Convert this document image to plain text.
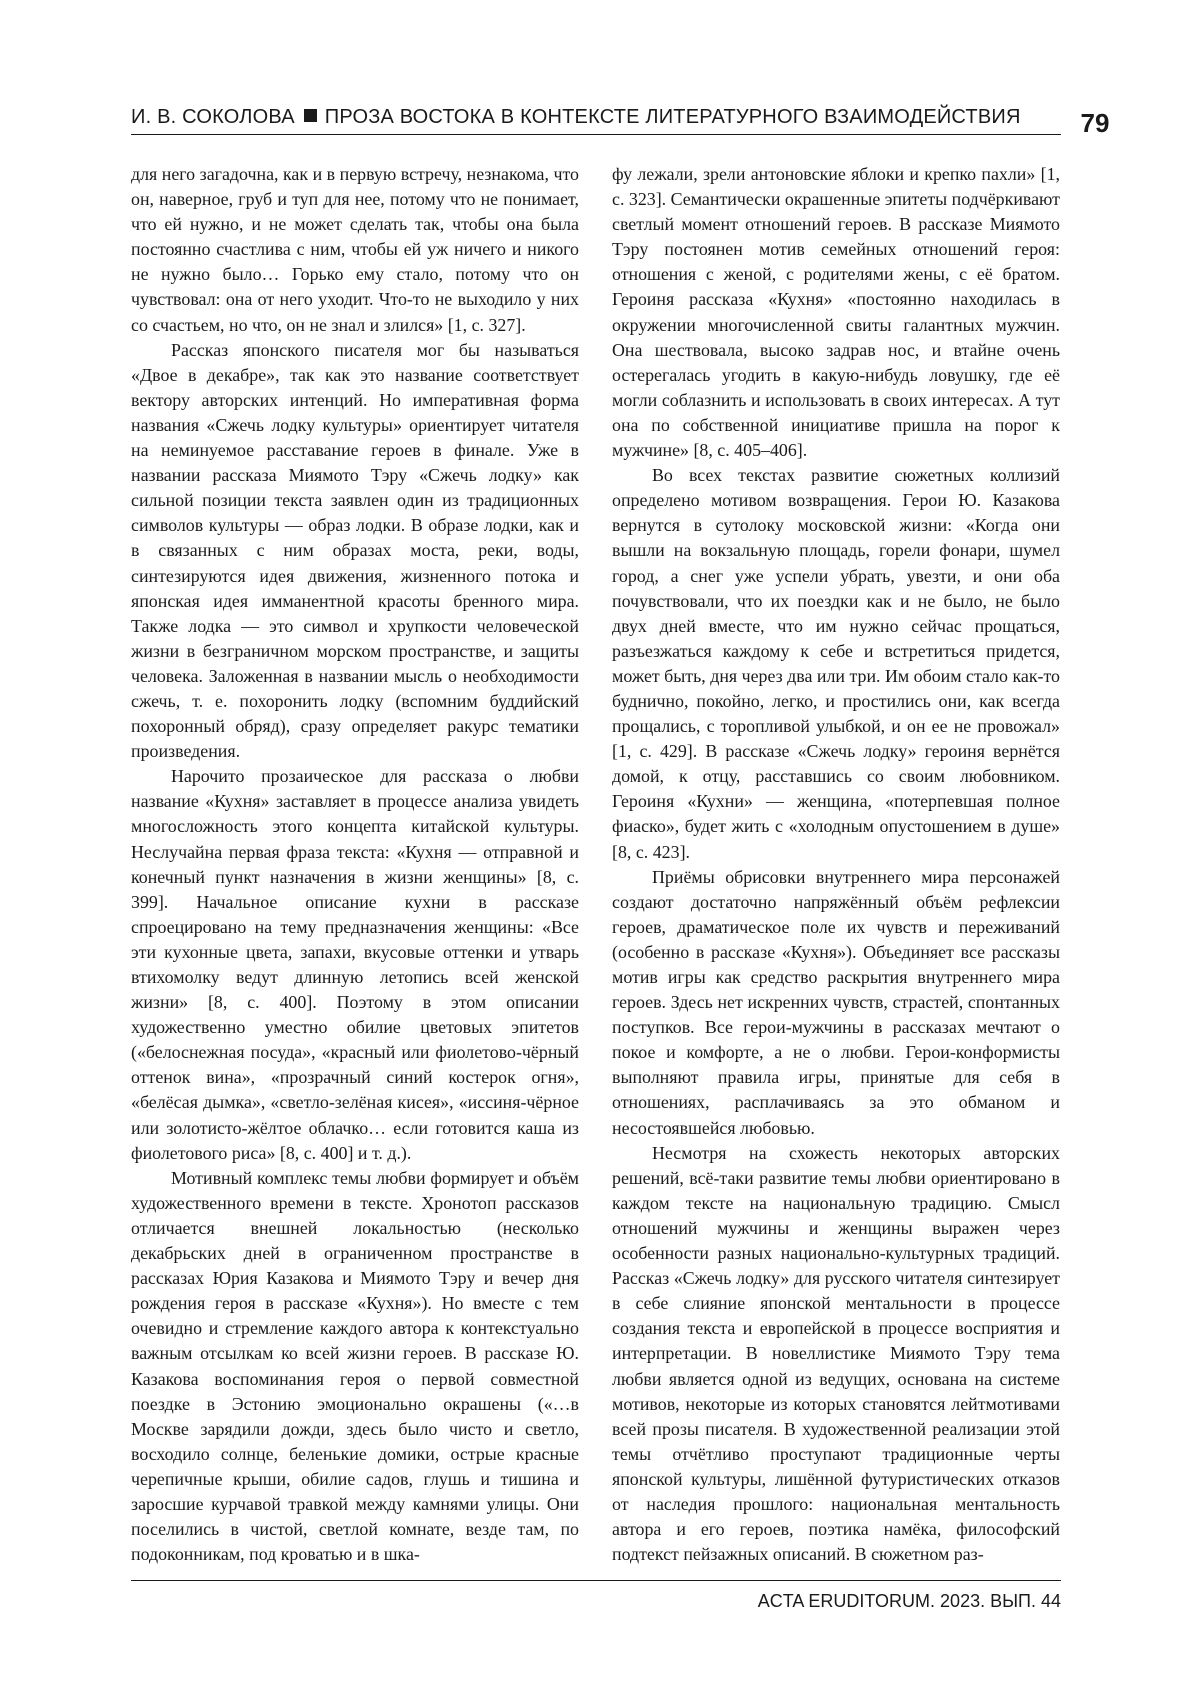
И. В. СОКОЛОВА ПРОЗА ВОСТОКА В КОНТЕКСТЕ ЛИТЕРАТУРНОГО ВЗАИМОДЕЙСТВИЯ	79

для него загадочна, как и в первую встречу, незнакома, что он, наверное, груб и туп для нее, потому что не понимает, что ей нужно, и не может сделать так, чтобы она была постоянно счастлива с ним, чтобы ей уж ничего и никого не нужно было… Горько ему стало, потому что он чувствовал: она от него уходит. Что-то не выходило у них со счастьем, но что, он не знал и злился» [1, с. 327].

Рассказ японского писателя мог бы называться «Двое в декабре», так как это название соответствует вектору авторских интенций. Но императивная форма названия «Сжечь лодку культуры» ориентирует читателя на неминуемое расставание героев в финале. Уже в названии рассказа Миямото Тэру «Сжечь лодку» как сильной позиции текста заявлен один из традиционных символов культуры — образ лодки. В образе лодки, как и в связанных с ним образах моста, реки, воды, синтезируются идея движения, жизненного потока и японская идея имманентной красоты бренного мира. Также лодка — это символ и хрупкости человеческой жизни в безграничном морском пространстве, и защиты человека. Заложенная в названии мысль о необходимости сжечь, т. е. похоронить лодку (вспомним буддийский похоронный обряд), сразу определяет ракурс тематики произведения.

Нарочито прозаическое для рассказа о любви название «Кухня» заставляет в процессе анализа увидеть многосложность этого концепта китайской культуры. Неслучайна первая фраза текста: «Кухня — отправной и конечный пункт назначения в жизни женщины» [8, с. 399]. Начальное описание кухни в рассказе спроецировано на тему предназначения женщины: «Все эти кухонные цвета, запахи, вкусовые оттенки и утварь втихомолку ведут длинную летопись всей женской жизни» [8, с. 400]. Поэтому в этом описании художественно уместно обилие цветовых эпитетов («белоснежная посуда», «красный или фиолетово-чёрный оттенок вина», «прозрачный синий костерок огня», «белёсая дымка», «светло-зелёная кисея», «иссиня-чёрное или золотисто-жёлтое облачко… если готовится каша из фиолетового риса» [8, с. 400] и т. д.).

Мотивный комплекс темы любви формирует и объём художественного времени в тексте. Хронотоп рассказов отличается внешней локальностью (несколько декабрьских дней в ограниченном пространстве в рассказах Юрия Казакова и Миямото Тэру и вечер дня рождения героя в рассказе «Кухня»). Но вместе с тем очевидно и стремление каждого автора к контекстуально важным отсылкам ко всей жизни героев. В рассказе Ю. Казакова воспоминания героя о первой совместной поездке в Эстонию эмоционально окрашены («…в Москве зарядили дожди, здесь было чисто и светло, восходило солнце, беленькие домики, острые красные черепичные крыши, обилие садов, глушь и тишина и заросшие курчавой травкой между камнями улицы. Они поселились в чистой, светлой комнате, везде там, по подоконникам, под кроватью и в шка-

фу лежали, зрели антоновские яблоки и крепко пахли» [1, с. 323]. Семантически окрашенные эпитеты подчёркивают светлый момент отношений героев. В рассказе Миямото Тэру постоянен мотив семейных отношений героя: отношения с женой, с родителями жены, с её братом. Героиня рассказа «Кухня» «постоянно находилась в окружении многочисленной свиты галантных мужчин. Она шествовала, высоко задрав нос, и втайне очень остерегалась угодить в какую-нибудь ловушку, где её могли соблазнить и использовать в своих интересах. А тут она по собственной инициативе пришла на порог к мужчине» [8, с. 405–406].

Во всех текстах развитие сюжетных коллизий определено мотивом возвращения. Герои Ю. Казакова вернутся в сутолоку московской жизни: «Когда они вышли на вокзальную площадь, горели фонари, шумел город, а снег уже успели убрать, увезти, и они оба почувствовали, что их поездки как и не было, не было двух дней вместе, что им нужно сейчас прощаться, разъезжаться каждому к себе и встретиться придется, может быть, дня через два или три. Им обоим стало как-то буднично, покойно, легко, и простились они, как всегда прощались, с торопливой улыбкой, и он ее не провожал» [1, с. 429]. В рассказе «Сжечь лодку» героиня вернётся домой, к отцу, расставшись со своим любовником. Героиня «Кухни» — женщина, «потерпевшая полное фиаско», будет жить с «холодным опустошением в душе» [8, с. 423].

Приёмы обрисовки внутреннего мира персонажей создают достаточно напряжённый объём рефлексии героев, драматическое поле их чувств и переживаний (особенно в рассказе «Кухня»). Объединяет все рассказы мотив игры как средство раскрытия внутреннего мира героев. Здесь нет искренних чувств, страстей, спонтанных поступков. Все герои-мужчины в рассказах мечтают о покое и комфорте, а не о любви. Герои-конформисты выполняют правила игры, принятые для себя в отношениях, расплачиваясь за это обманом и несостоявшейся любовью.

Несмотря на схожесть некоторых авторских решений, всё-таки развитие темы любви ориентировано в каждом тексте на национальную традицию. Смысл отношений мужчины и женщины выражен через особенности разных национально-культурных традиций. Рассказ «Сжечь лодку» для русского читателя синтезирует в себе слияние японской ментальности в процессе создания текста и европейской в процессе восприятия и интерпретации. В новеллистике Миямото Тэру тема любви является одной из ведущих, основана на системе мотивов, некоторые из которых становятся лейтмотивами всей прозы писателя. В художественной реализации этой темы отчётливо проступают традиционные черты японской культуры, лишённой футуристических отказов от наследия прошлого: национальная ментальность автора и его героев, поэтика намёка, философский подтекст пейзажных описаний. В сюжетном раз-

ACTA ERUDITORUM. 2023. ВЫП. 44
